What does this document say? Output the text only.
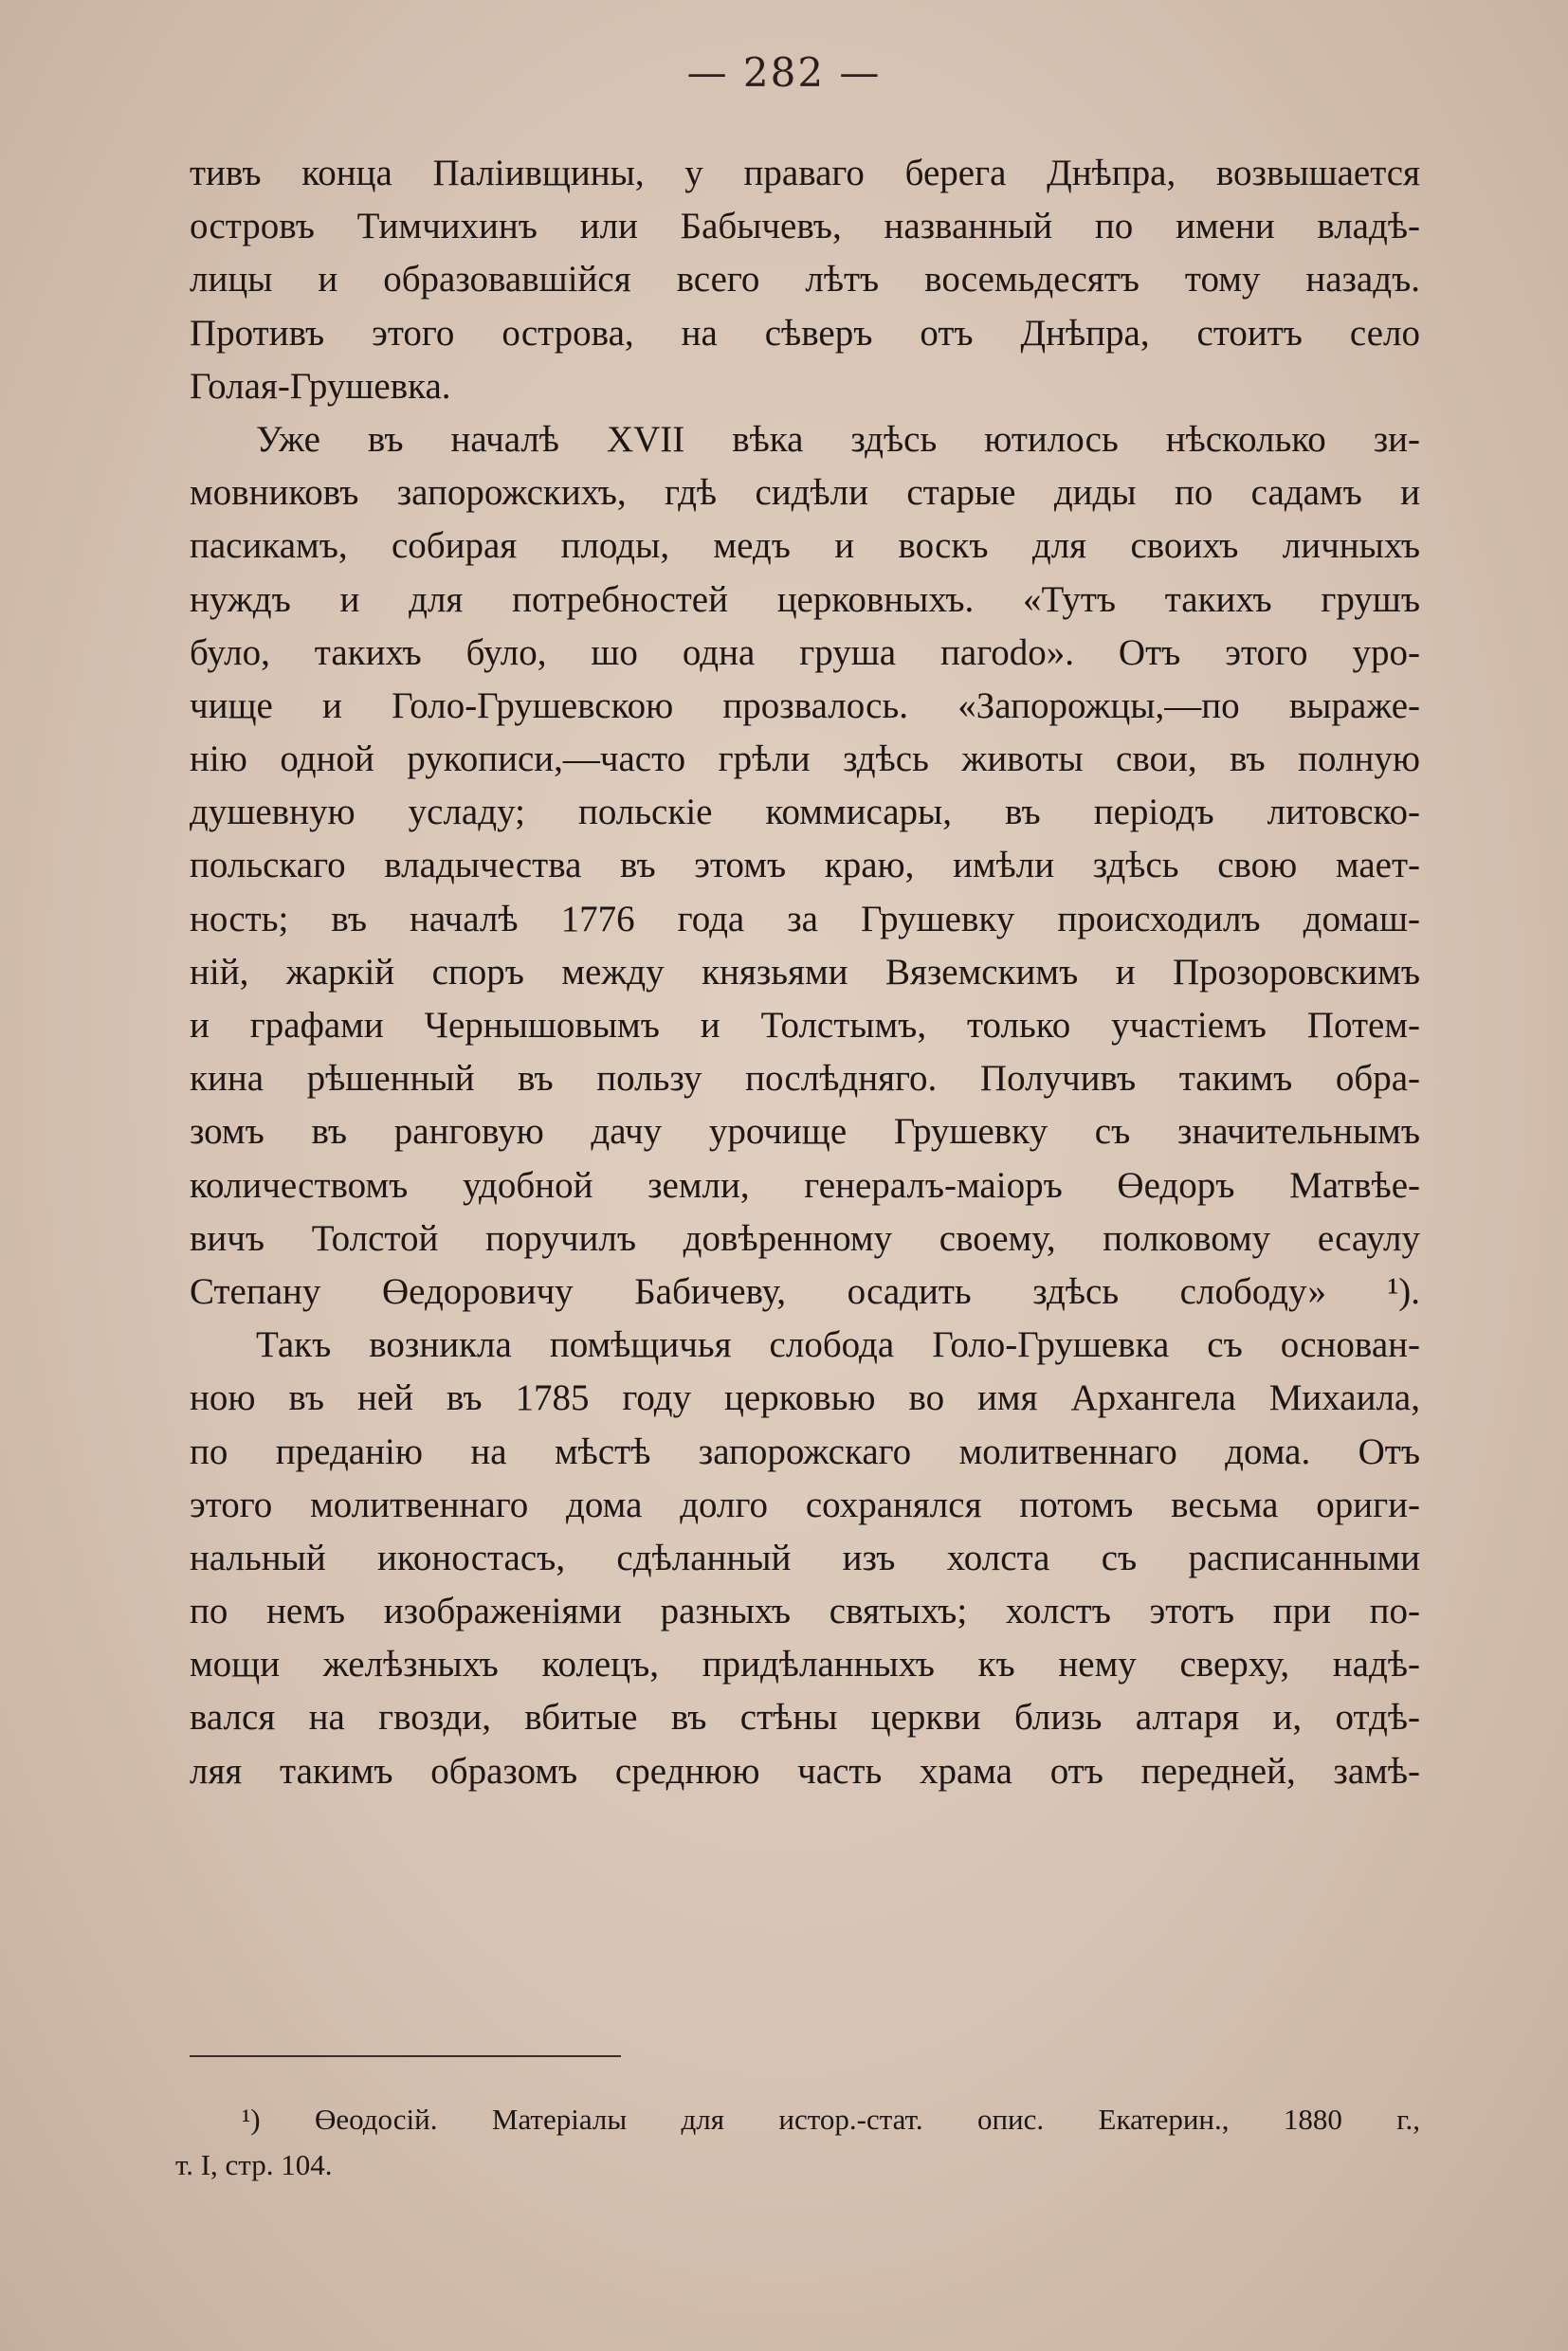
— 282 —
тивъ конца Палiивщины, у праваго берега Днѣпра, возвышается
островъ Тимчихинъ или Бабычевъ, названный по имени владѣ-
лицы и образовавшiйся всего лѣтъ восемьдесятъ тому назадъ.
Противъ этого острова, на сѣверъ отъ Днѣпра, стоитъ село
Голая-Грушевка.
Уже въ началѣ XVII вѣка здѣсь ютилось нѣсколько зи-
мовниковъ запорожскихъ, гдѣ сидѣли старые диды по садамъ и
пасикамъ, собирая плоды, медъ и воскъ для своихъ личныхъ
нуждъ и для потребностей церковныхъ. «Тутъ такихъ грушъ
було, такихъ було, шо одна груша пагоdo». Отъ этого уро-
чище и Голо-Грушевскою прозвалось. «Запорожцы,—по выраже-
нiю одной рукописи,—часто грѣли здѣсь животы свои, въ полную
душевную усладу; польскiе коммисары, въ перiодъ литовско-
польскаго владычества въ этомъ краю, имѣли здѣсь свою мает-
ность; въ началѣ 1776 года за Грушевку происходилъ домаш-
нiй, жаркiй споръ между князьями Вяземскимъ и Прозоровскимъ
и графами Чернышовымъ и Толстымъ, только участiемъ Потем-
кина рѣшенный въ пользу послѣдняго. Получивъ такимъ обра-
зомъ въ ранговую дачу урочище Грушевку съ значительнымъ
количествомъ удобной земли, генералъ-маiоръ Өедоръ Матвѣе-
вичъ Толстой поручилъ довѣренному своему, полковому есаулу
Степану Өедоровичу Бабичеву, осадить здѣсь слободу» ¹).
Такъ возникла помѣщичья слобода Голо-Грушевка съ основан-
ною въ ней въ 1785 году церковью во имя Архангела Михаила,
по преданiю на мѣстѣ запорожскаго молитвеннаго дома. Отъ
этого молитвеннаго дома долго сохранялся потомъ весьма ориги-
нальный иконостасъ, сдѣланный изъ холста съ расписанными
по немъ изображенiями разныхъ святыхъ; холстъ этотъ при по-
мощи желѣзныхъ колецъ, придѣланныхъ къ нему сверху, надѣ-
вался на гвозди, вбитые въ стѣны церкви близь алтаря и, отдѣ-
ляя такимъ образомъ среднюю часть храма отъ передней, замѣ-
¹) Өеодосiй. Матерiалы для истор.-стат. опис. Екатерин., 1880 г.,
т. I, стр. 104.
